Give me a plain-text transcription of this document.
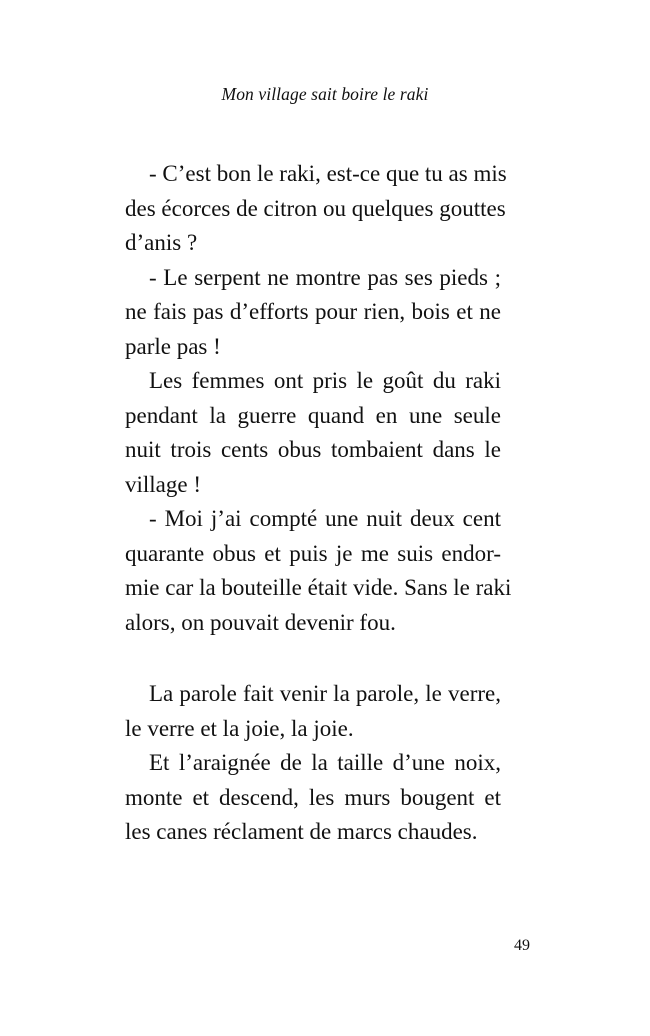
Mon village sait boire le raki

- C’est bon le raki, est-ce que tu as mis
des écorces de citron ou quelques gouttes
d’anis ?

- Le serpent ne montre pas ses pieds ;
ne fais pas d’efforts pour rien, bois et ne
parle pas !

Les femmes ont pris le goût du raki
pendant la guerre quand en une seule
nuit trois cents obus tombaient dans le
village !

- Moi j’ai compté une nuit deux cent
quarante obus et puis je me suis endor-
mie car la bouteille était vide. Sans le raki
alors, on pouvait devenir fou.

La parole fait venir la parole, le verre,
le verre et la joie, la joie.

Et l’araignée de la taille d’une noix,
monte et descend, les murs bougent et
les canes réclament de marcs chaudes.

49
